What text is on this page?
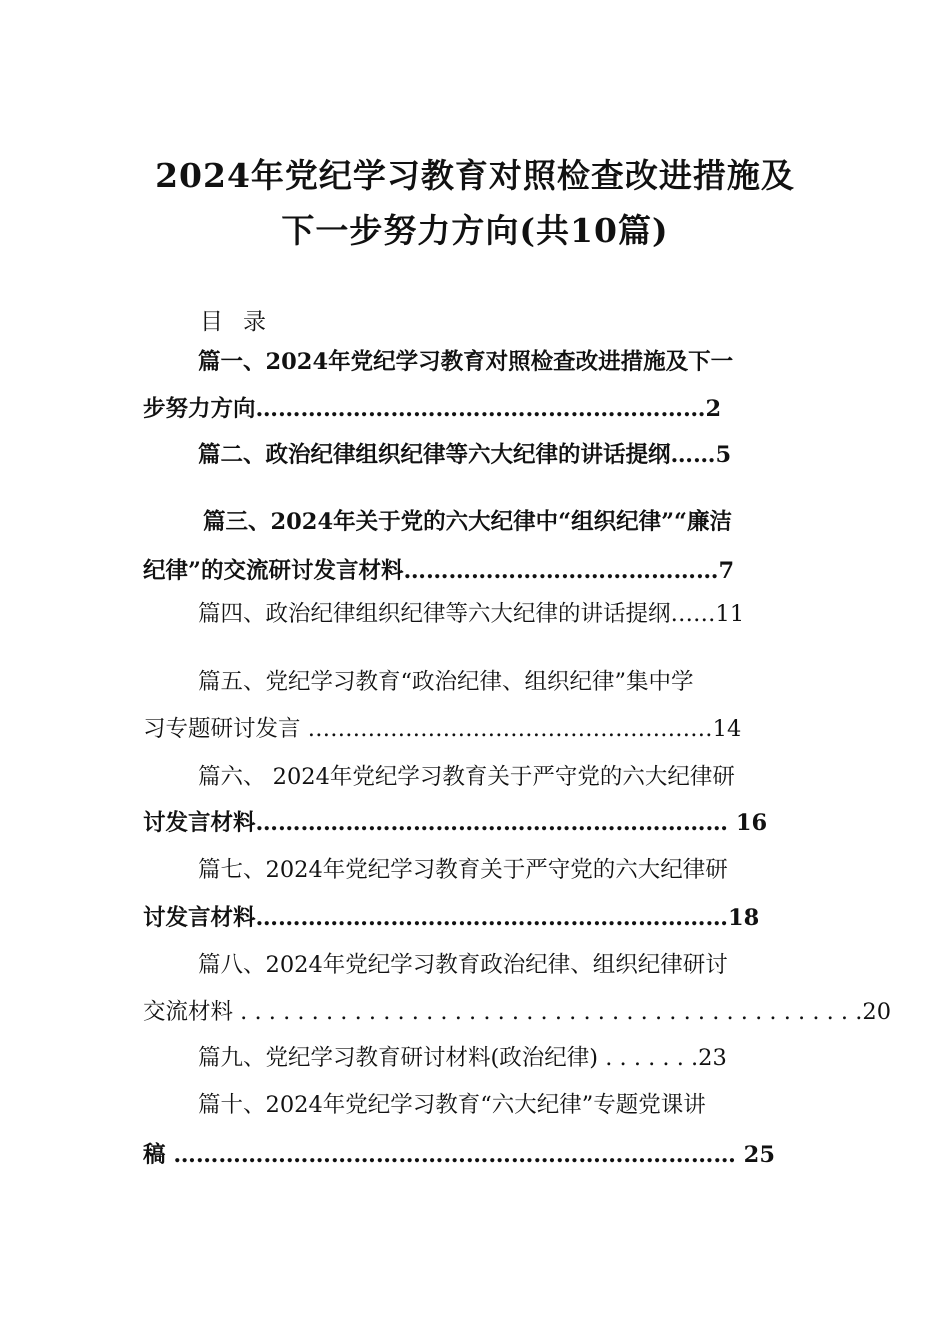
2024年党纪学习教育对照检查改进措施及
下一步努力方向(共10篇)
目录
篇一、2024年党纪学习教育对照检查改进措施及下一
步努力方向……………………………………………………2
篇二、政治纪律组织纪律等六大纪律的讲话提纲……5
篇三、2024年关于党的六大纪律中“组织纪律”“廉洁
纪律”的交流研讨发言材料……………………………………7
篇四、政治纪律组织纪律等六大纪律的讲话提纲……11
篇五、党纪学习教育“政治纪律、组织纪律”集中学
习专题研讨发言 ………………………………………………14
篇六、 2024年党纪学习教育关于严守党的六大纪律研
讨发言材料……………………………………………………… 16
篇七、2024年党纪学习教育关于严守党的六大纪律研
讨发言材料………………………………………………………18
篇八、2024年党纪学习教育政治纪律、组织纪律研讨
交流材料 . . . . . . . . . . . . . . . . . . . . . . . . . . . . . . . . . . . . . . . . . . . .20
篇九、党纪学习教育研讨材料(政治纪律) . . . . . . .23
篇十、2024年党纪学习教育“六大纪律”专题党课讲
稿 ………………………………………………………………… 25
